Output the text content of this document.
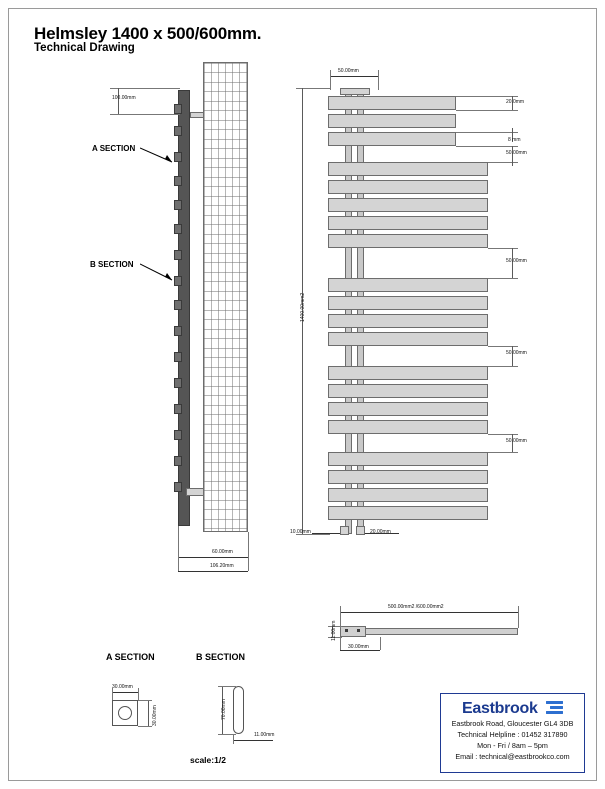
Helmsley 1400 x 500/600mm.
Technical Drawing
100.00mm
60.00mm
106.20mm
A SECTION
B SECTION
50.00mm
20.0mm
8 mm
50.00mm
50.00mm
50.00mm
50.00mm
1400.00mm2
10.00mm	20.00mm
500.00mm2 /600.00mm2
11.00mm
30.00mm
A SECTION	B SECTION
30.00mm
30.00mm	70.00mm
11.00mm
scale:1/2
Eastbrook
Eastbrook Road, Gloucester GL4 3DB
Technical Helpline : 01452 317890
Mon - Fri / 8am – 5pm
Email : technical@eastbrookco.com
